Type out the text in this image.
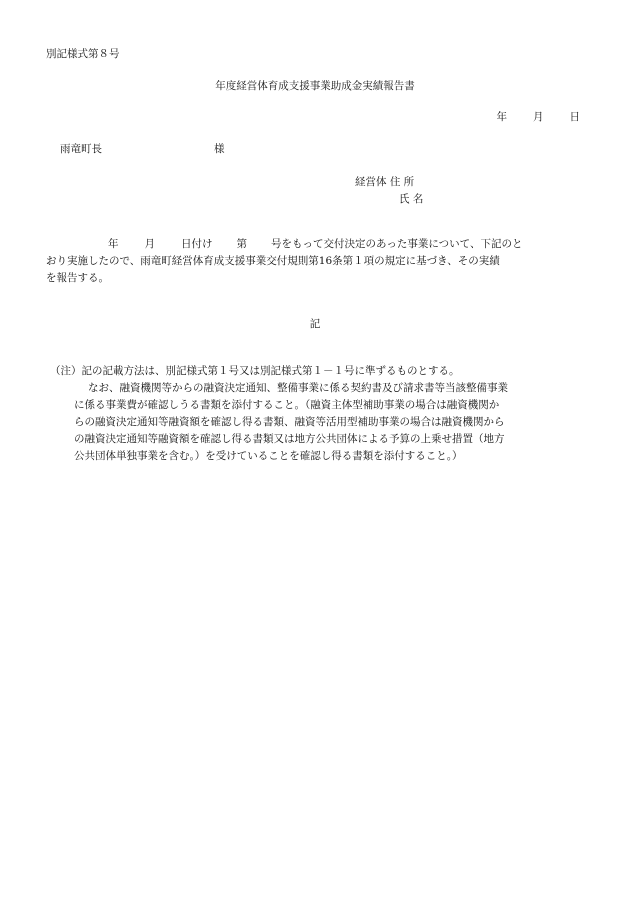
別記様式第８号
年度経営体育成支援事業助成金実績報告書
年 月 日
雨竜町長	様
経営体 住 所
氏 名
年 月 日付け 第 号をもって交付決定のあった事業について、下記のと
おり実施したので、雨竜町経営体育成支援事業交付規則第16条第１項の規定に基づき、その実績
を報告する。
記
（注）記の記載方法は、別記様式第１号又は別記様式第１－１号に準ずるものとする。
なお、融資機関等からの融資決定通知、整備事業に係る契約書及び請求書等当該整備事業
に係る事業費が確認しうる書類を添付すること。（融資主体型補助事業の場合は融資機関か
らの融資決定通知等融資額を確認し得る書類、融資等活用型補助事業の場合は融資機関から
の融資決定通知等融資額を確認し得る書類又は地方公共団体による予算の上乗せ措置（地方
公共団体単独事業を含む。）を受けていることを確認し得る書類を添付すること。）
